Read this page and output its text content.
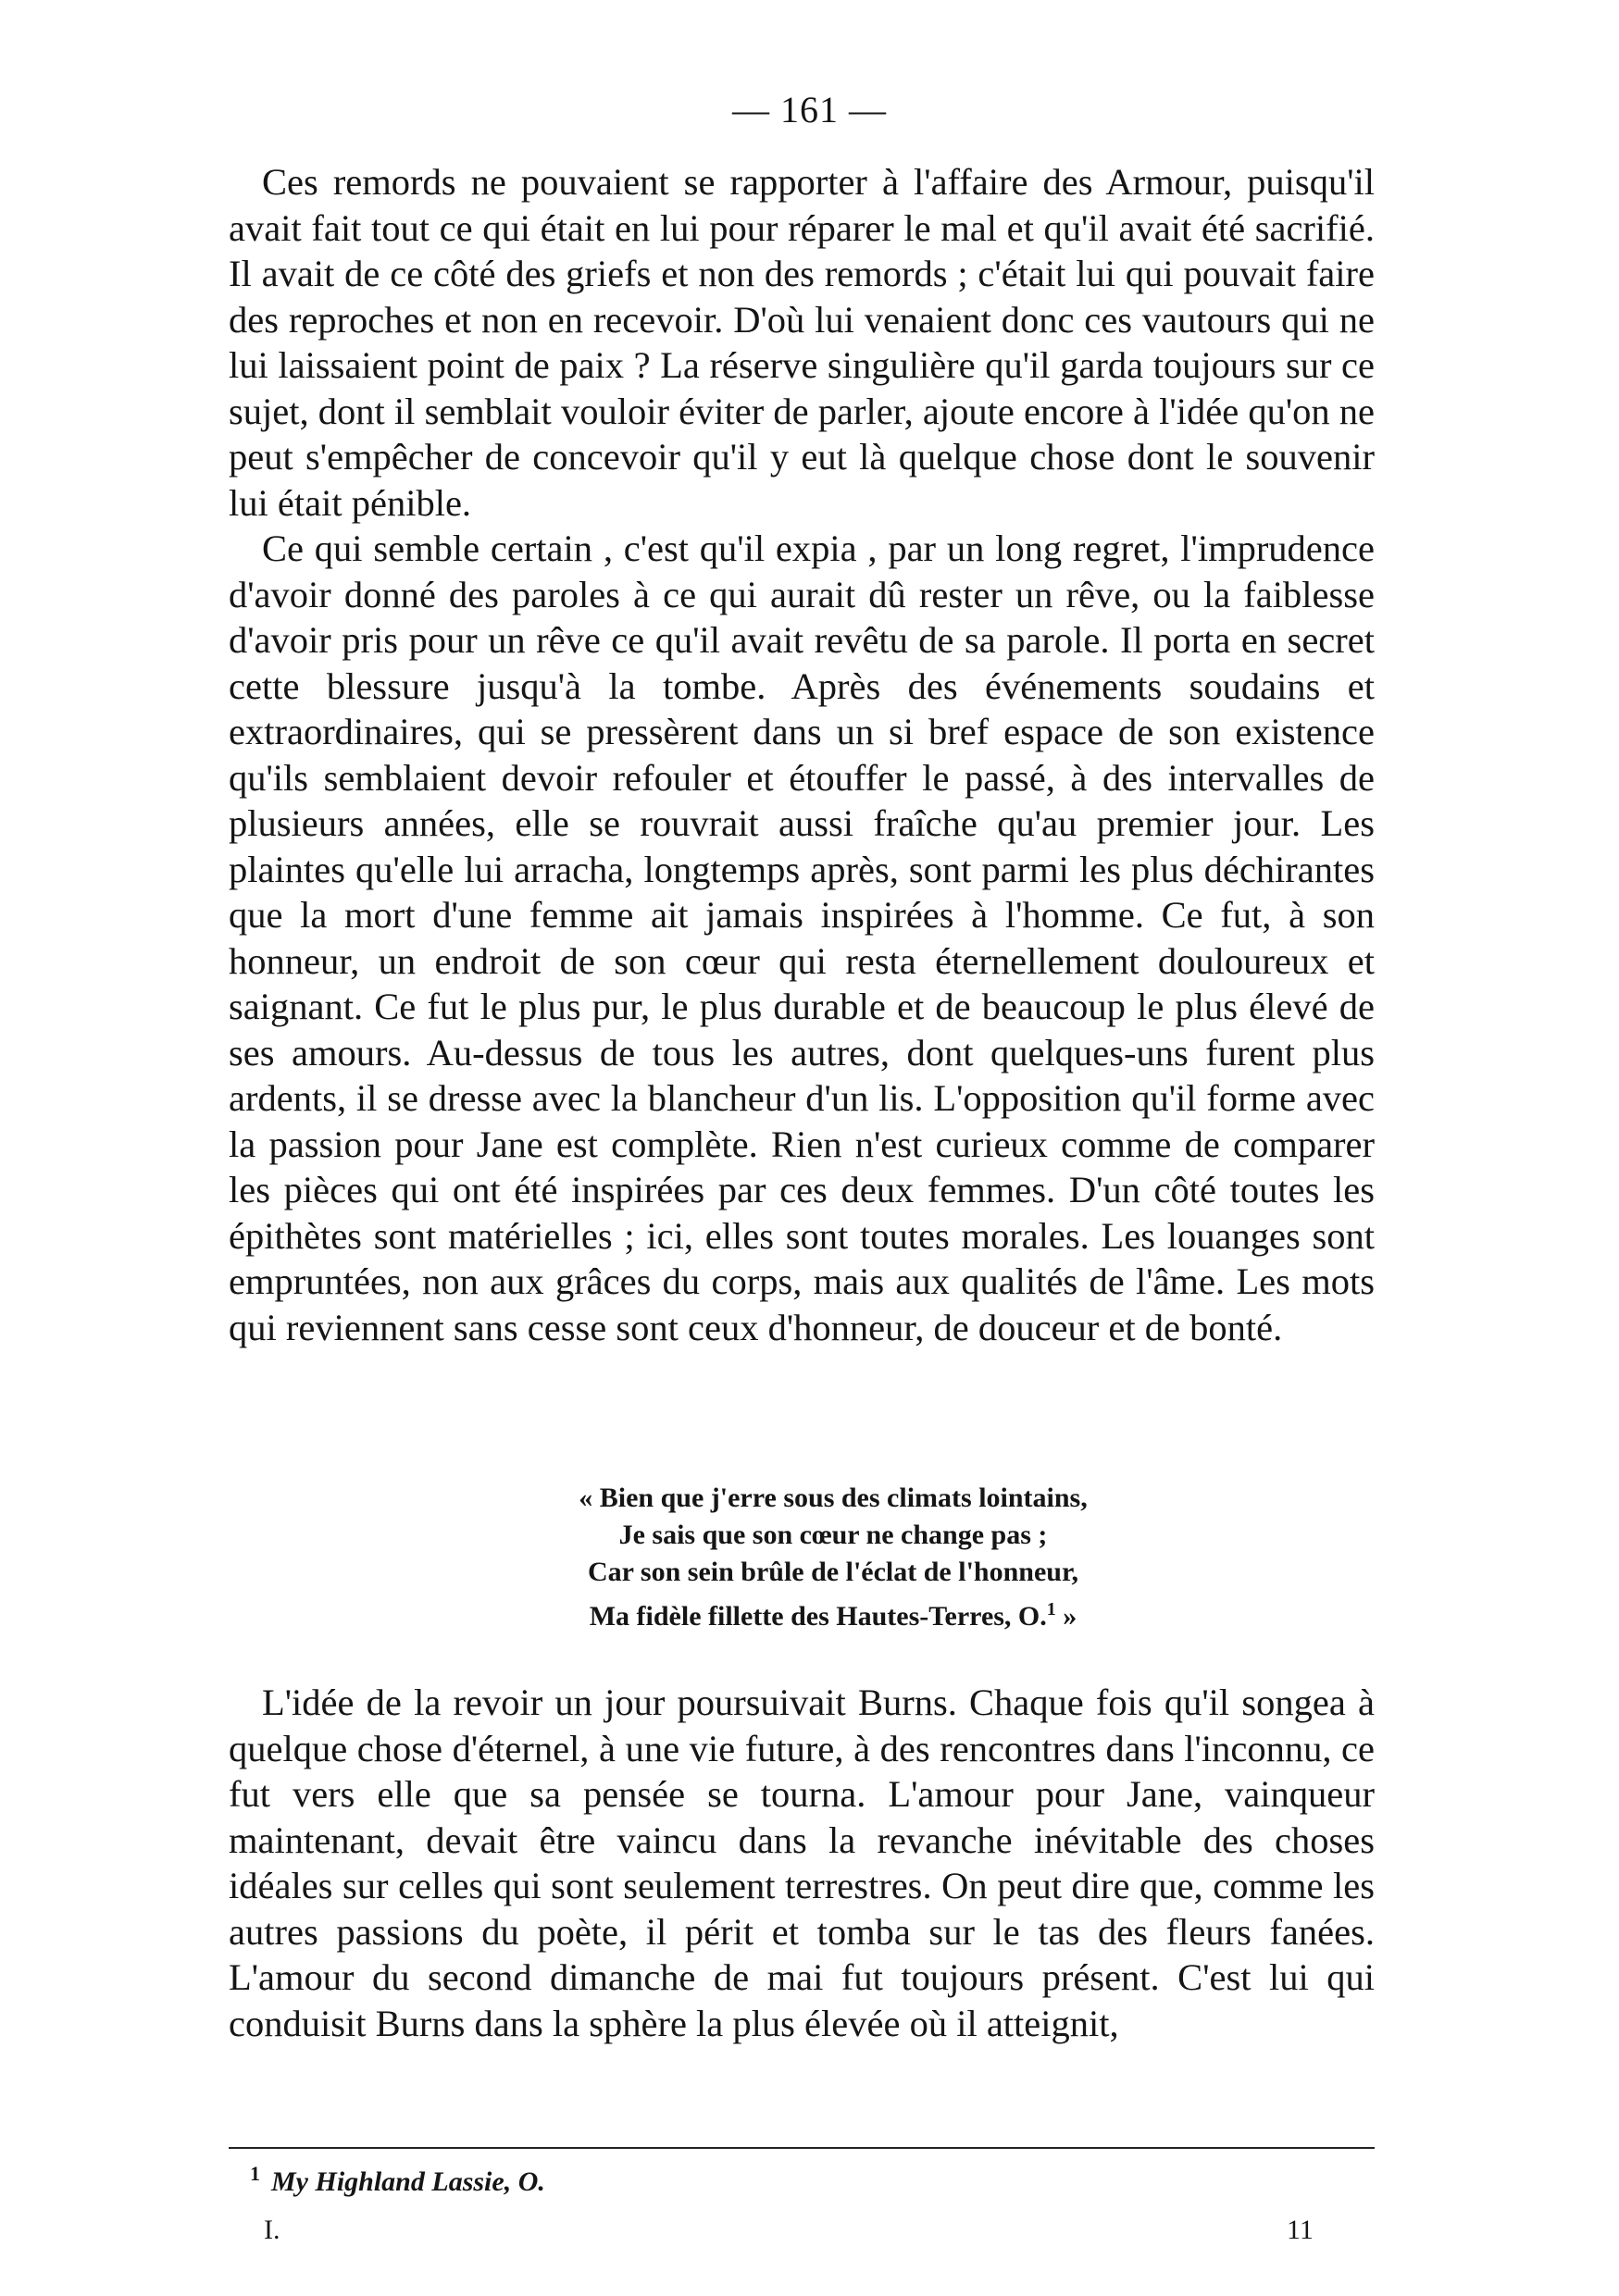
— 161 —

Ces remords ne pouvaient se rapporter à l'affaire des Armour, puisqu'il avait fait tout ce qui était en lui pour réparer le mal et qu'il avait été sacrifié. Il avait de ce côté des griefs et non des remords ; c'était lui qui pouvait faire des reproches et non en recevoir. D'où lui venaient donc ces vautours qui ne lui laissaient point de paix ? La réserve singulière qu'il garda toujours sur ce sujet, dont il semblait vouloir éviter de parler, ajoute encore à l'idée qu'on ne peut s'empêcher de concevoir qu'il y eut là quelque chose dont le souvenir lui était pénible.

Ce qui semble certain , c'est qu'il expia , par un long regret, l'imprudence d'avoir donné des paroles à ce qui aurait dû rester un rêve, ou la faiblesse d'avoir pris pour un rêve ce qu'il avait revêtu de sa parole. Il porta en secret cette blessure jusqu'à la tombe. Après des événements soudains et extraordinaires, qui se pressèrent dans un si bref espace de son existence qu'ils semblaient devoir refouler et étouffer le passé, à des intervalles de plusieurs années, elle se rouvrait aussi fraîche qu'au premier jour. Les plaintes qu'elle lui arracha, longtemps après, sont parmi les plus déchirantes que la mort d'une femme ait jamais inspirées à l'homme. Ce fut, à son honneur, un endroit de son cœur qui resta éternellement douloureux et saignant. Ce fut le plus pur, le plus durable et de beaucoup le plus élevé de ses amours. Au-dessus de tous les autres, dont quelques-uns furent plus ardents, il se dresse avec la blancheur d'un lis. L'opposition qu'il forme avec la passion pour Jane est complète. Rien n'est curieux comme de comparer les pièces qui ont été inspirées par ces deux femmes. D'un côté toutes les épithètes sont matérielles ; ici, elles sont toutes morales. Les louanges sont empruntées, non aux grâces du corps, mais aux qualités de l'âme. Les mots qui reviennent sans cesse sont ceux d'honneur, de douceur et de bonté.

« Bien que j'erre sous des climats lointains,
Je sais que son cœur ne change pas ;
Car son sein brûle de l'éclat de l'honneur,
Ma fidèle fillette des Hautes-Terres, O.$^1$ »

L'idée de la revoir un jour poursuivait Burns. Chaque fois qu'il songea à quelque chose d'éternel, à une vie future, à des rencontres dans l'inconnu, ce fut vers elle que sa pensée se tourna. L'amour pour Jane, vainqueur maintenant, devait être vaincu dans la revanche inévitable des choses idéales sur celles qui sont seulement terrestres. On peut dire que, comme les autres passions du poète, il périt et tomba sur le tas des fleurs fanées. L'amour du second dimanche de mai fut toujours présent. C'est lui qui conduisit Burns dans la sphère la plus élevée où il atteignit,

$^1$ My Highland Lassie, O.
I.	11
